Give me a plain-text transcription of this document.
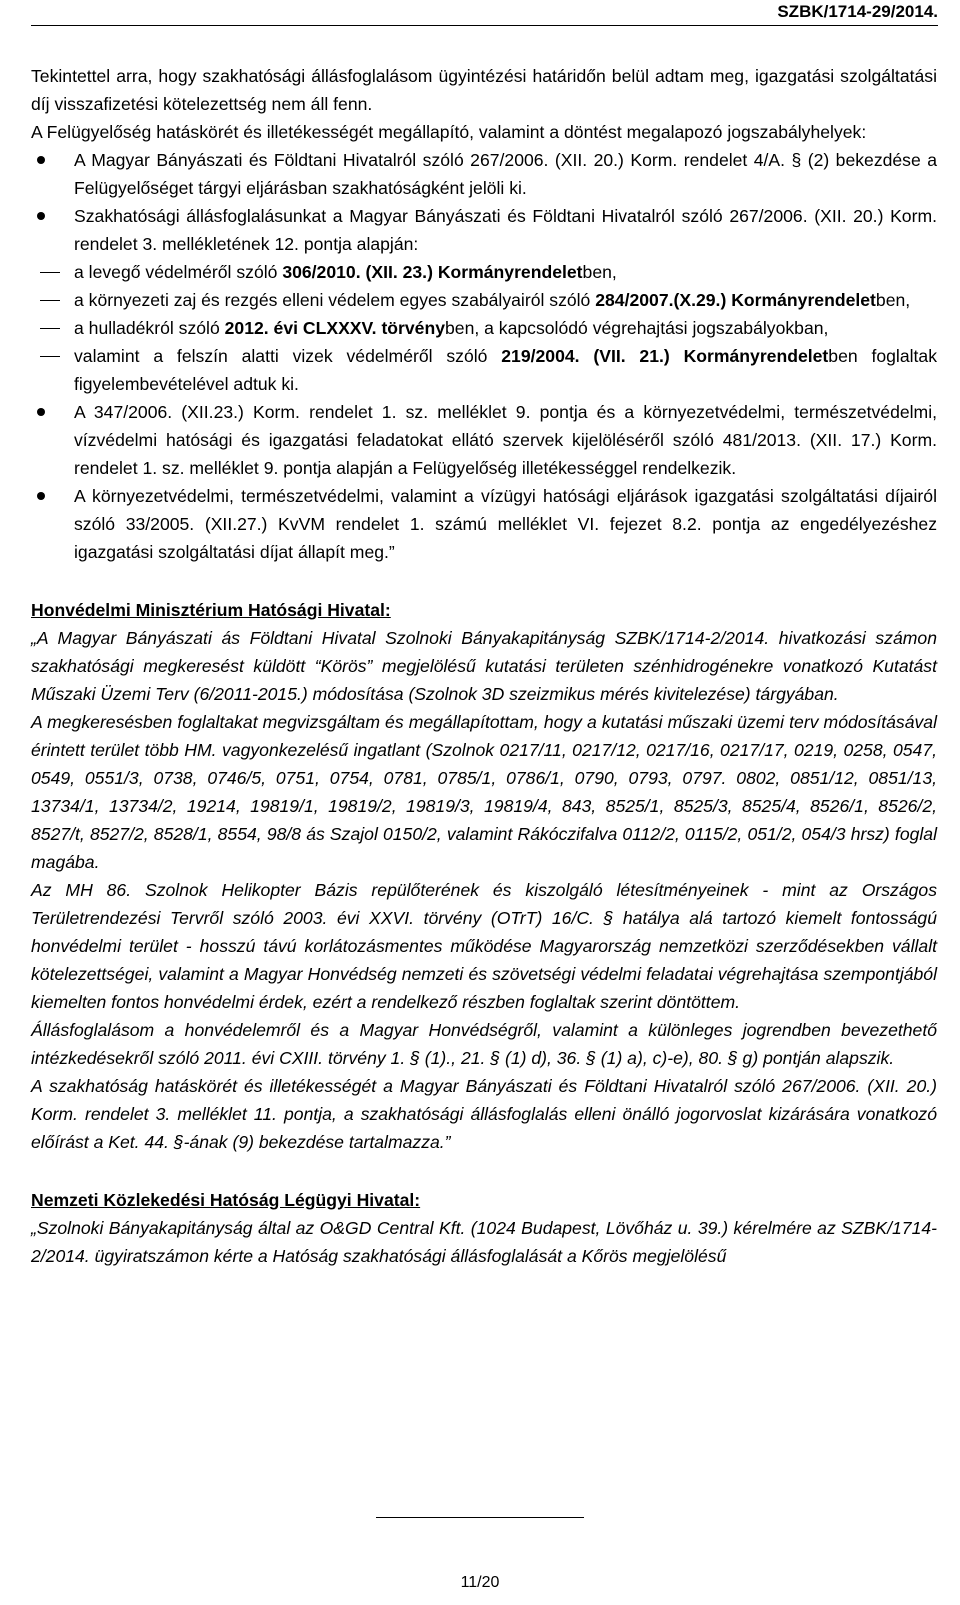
SZBK/1714-29/2014.

Tekintettel arra, hogy szakhatósági állásfoglalásom ügyintézési határidőn belül adtam meg, igazgatási szolgáltatási díj visszafizetési kötelezettség nem áll fenn.

A Felügyelőség hatáskörét és illetékességét megállapító, valamint a döntést megalapozó jogszabályhelyek:

A Magyar Bányászati és Földtani Hivatalról szóló 267/2006. (XII. 20.) Korm. rendelet 4/A. § (2) bekezdése a Felügyelőséget tárgyi eljárásban szakhatóságként jelöli ki.
Szakhatósági állásfoglalásunkat a Magyar Bányászati és Földtani Hivatalról szóló 267/2006. (XII. 20.) Korm. rendelet 3. mellékletének 12. pontja alapján:
a levegő védelméről szóló 306/2010. (XII. 23.) Kormányrendeletben,
a környezeti zaj és rezgés elleni védelem egyes szabályairól szóló 284/2007.(X.29.) Kormányrendeletben,
a hulladékról szóló 2012. évi CLXXXV. törvényben, a kapcsolódó végrehajtási jogszabályokban,
valamint a felszín alatti vizek védelméről szóló 219/2004. (VII. 21.) Kormányrendeletben foglaltak figyelembevételével adtuk ki.
A 347/2006. (XII.23.) Korm. rendelet 1. sz. melléklet 9. pontja és a környezetvédelmi, természetvédelmi, vízvédelmi hatósági és igazgatási feladatokat ellátó szervek kijelöléséről szóló 481/2013. (XII. 17.) Korm. rendelet 1. sz. melléklet 9. pontja alapján a Felügyelőség illetékességgel rendelkezik.
A környezetvédelmi, természetvédelmi, valamint a vízügyi hatósági eljárások igazgatási szolgáltatási díjairól szóló 33/2005. (XII.27.) KvVM rendelet 1. számú melléklet VI. fejezet 8.2. pontja az engedélyezéshez igazgatási szolgáltatási díjat állapít meg.”

Honvédelmi Minisztérium Hatósági Hivatal:

„A Magyar Bányászati ás Földtani Hivatal Szolnoki Bányakapitányság SZBK/1714-2/2014. hivatkozási számon szakhatósági megkeresést küldött “Körös” megjelölésű kutatási területen szénhidrogénekre vonatkozó Kutatást Műszaki Üzemi Terv (6/2011-2015.) módosítása (Szolnok 3D szeizmikus mérés kivitelezése) tárgyában.

A megkeresésben foglaltakat megvizsgáltam és megállapítottam, hogy a kutatási műszaki üzemi terv módosításával érintett terület több HM. vagyonkezelésű ingatlant (Szolnok 0217/11, 0217/12, 0217/16, 0217/17, 0219, 0258, 0547, 0549, 0551/3, 0738, 0746/5, 0751, 0754, 0781, 0785/1, 0786/1, 0790, 0793, 0797. 0802, 0851/12, 0851/13, 13734/1, 13734/2, 19214, 19819/1, 19819/2, 19819/3, 19819/4, 843, 8525/1, 8525/3, 8525/4, 8526/1, 8526/2, 8527/t, 8527/2, 8528/1, 8554, 98/8 ás Szajol 0150/2, valamint Rákóczifalva 0112/2, 0115/2, 051/2, 054/3 hrsz) foglal magába.

Az MH 86. Szolnok Helikopter Bázis repülőterének és kiszolgáló létesítményeinek - mint az Országos Területrendezési Tervről szóló 2003. évi XXVI. törvény (OTrT) 16/C. § hatálya alá tartozó kiemelt fontosságú honvédelmi terület - hosszú távú korlátozásmentes működése Magyarország nemzetközi szerződésekben vállalt kötelezettségei, valamint a Magyar Honvédség nemzeti és szövetségi védelmi feladatai végrehajtása szempontjából kiemelten fontos honvédelmi érdek, ezért a rendelkező részben foglaltak szerint döntöttem.

Állásfoglalásom a honvédelemről és a Magyar Honvédségről, valamint a különleges jogrendben bevezethető intézkedésekről szóló 2011. évi CXIII. törvény 1. § (1)., 21. § (1) d), 36. § (1) a), c)-e), 80. § g) pontján alapszik.

A szakhatóság hatáskörét és illetékességét a Magyar Bányászati és Földtani Hivatalról szóló 267/2006. (XII. 20.) Korm. rendelet 3. melléklet 11. pontja, a szakhatósági állásfoglalás elleni önálló jogorvoslat kizárására vonatkozó előírást a Ket. 44. §-ának (9) bekezdése tartalmazza.”

Nemzeti Közlekedési Hatóság Légügyi Hivatal:

„Szolnoki Bányakapitányság által az O&GD Central Kft. (1024 Budapest, Lövőház u. 39.) kérelmére az SZBK/1714-2/2014. ügyiratszámon kérte a Hatóság szakhatósági állásfoglalását a Kőrös megjelölésű

11/20
